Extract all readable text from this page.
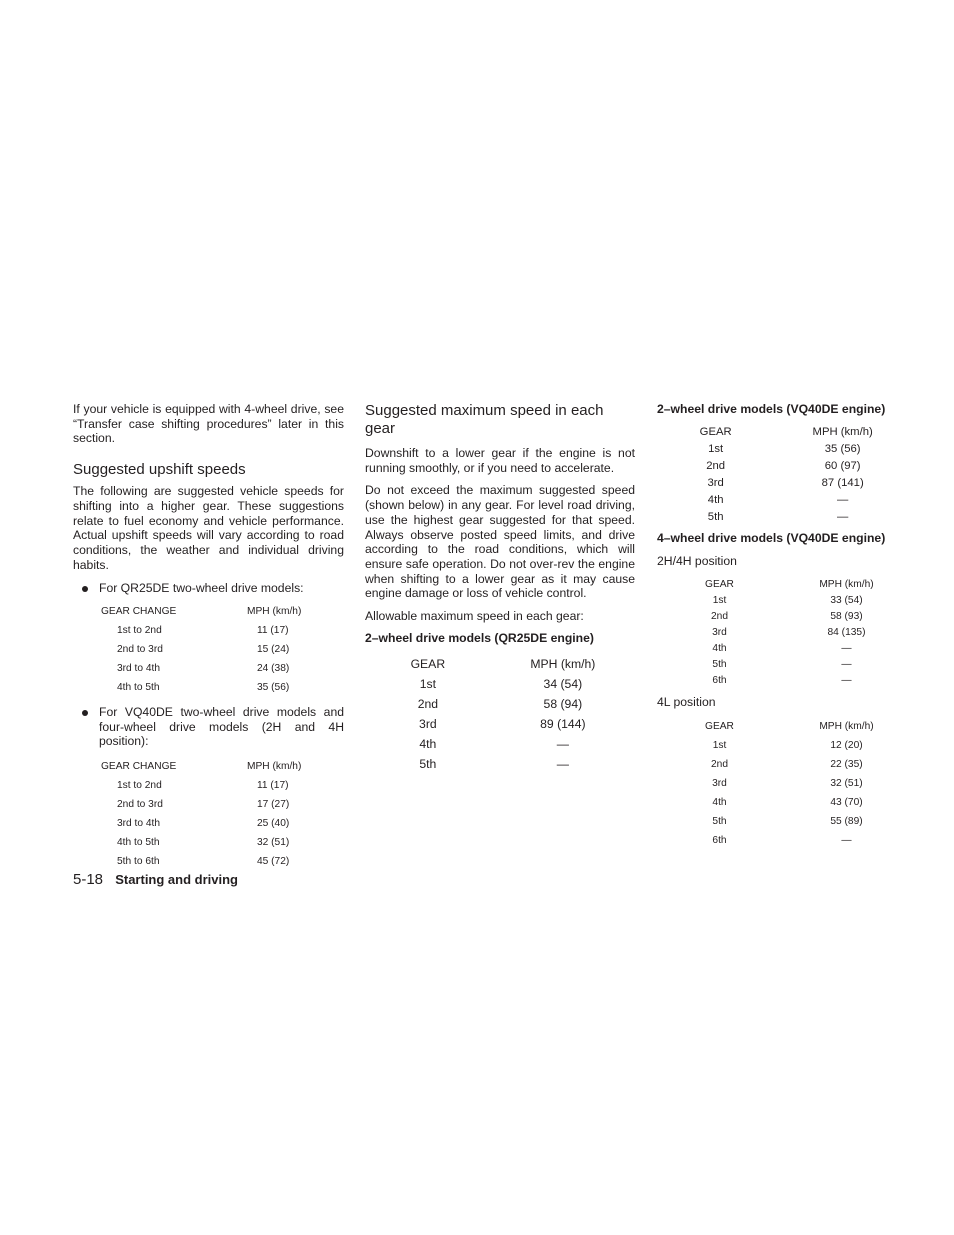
If your vehicle is equipped with 4-wheel drive, see “Transfer case shifting procedures” later in this section.

Suggested upshift speeds

The following are suggested vehicle speeds for shifting into a higher gear. These suggestions relate to fuel economy and vehicle performance. Actual upshift speeds will vary according to road conditions, the weather and individual driving habits.

For QR25DE two-wheel drive models:

GEAR CHANGE	MPH (km/h)
1st to 2nd	11 (17)
2nd to 3rd	15 (24)
3rd to 4th	24 (38)
4th to 5th	35 (56)

For VQ40DE two-wheel drive models and four-wheel drive models (2H and 4H position):

GEAR CHANGE	MPH (km/h)
1st to 2nd	11 (17)
2nd to 3rd	17 (27)
3rd to 4th	25 (40)
4th to 5th	32 (51)
5th to 6th	45 (72)
Suggested maximum speed in each gear

Downshift to a lower gear if the engine is not running smoothly, or if you need to accelerate.

Do not exceed the maximum suggested speed (shown below) in any gear. For level road driving, use the highest gear suggested for that speed. Always observe posted speed limits, and drive according to the road conditions, which will ensure safe operation. Do not over-rev the engine when shifting to a lower gear as it may cause engine damage or loss of vehicle control.

Allowable maximum speed in each gear:

2–wheel drive models (QR25DE engine)
GEAR	MPH (km/h)
1st	34 (54)
2nd	58 (94)
3rd	89 (144)
4th	—
5th	—
2–wheel drive models (VQ40DE engine)
GEAR	MPH (km/h)
1st	35 (56)
2nd	60 (97)
3rd	87 (141)
4th	—
5th	—
4–wheel drive models (VQ40DE engine)
2H/4H position
GEAR	MPH (km/h)
1st	33 (54)
2nd	58 (93)
3rd	84 (135)
4th	—
5th	—
6th	—
4L position
GEAR	MPH (km/h)
1st	12 (20)
2nd	22 (35)
3rd	32 (51)
4th	43 (70)
5th	55 (89)
6th	—
5-18 Starting and driving
